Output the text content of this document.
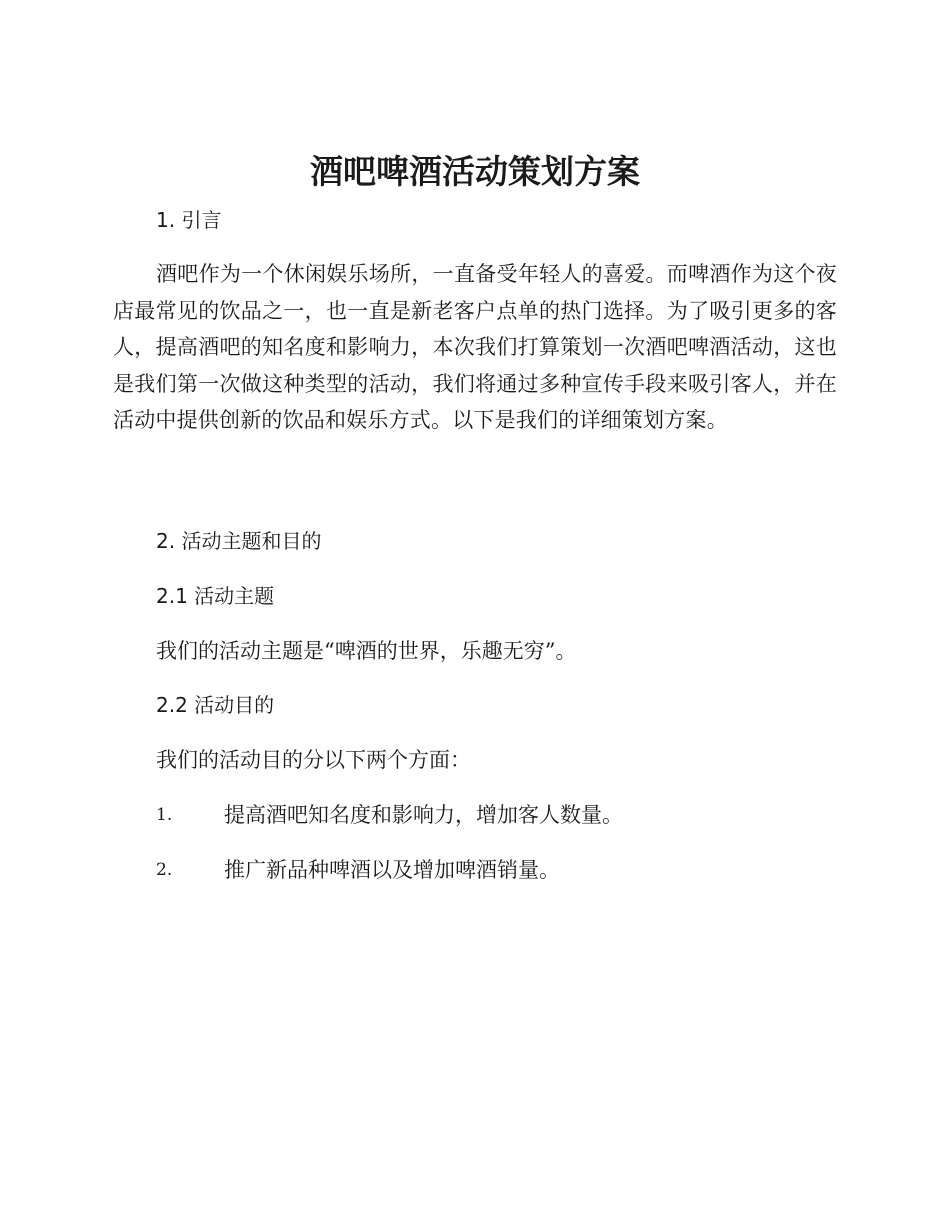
酒吧啤酒活动策划方案
1. 引言

酒吧作为一个休闲娱乐场所，一直备受年轻人的喜爱。而啤酒作为这个夜店最常见的饮品之一，也一直是新老客户点单的热门选择。为了吸引更多的客人，提高酒吧的知名度和影响力，本次我们打算策划一次酒吧啤酒活动，这也是我们第一次做这种类型的活动，我们将通过多种宣传手段来吸引客人，并在活动中提供创新的饮品和娱乐方式。以下是我们的详细策划方案。

2. 活动主题和目的
2.1 活动主题

我们的活动主题是“啤酒的世界，乐趣无穷”。

2.2 活动目的

我们的活动目的分以下两个方面：

1. 提高酒吧知名度和影响力，增加客人数量。
2. 推广新品种啤酒以及增加啤酒销量。
